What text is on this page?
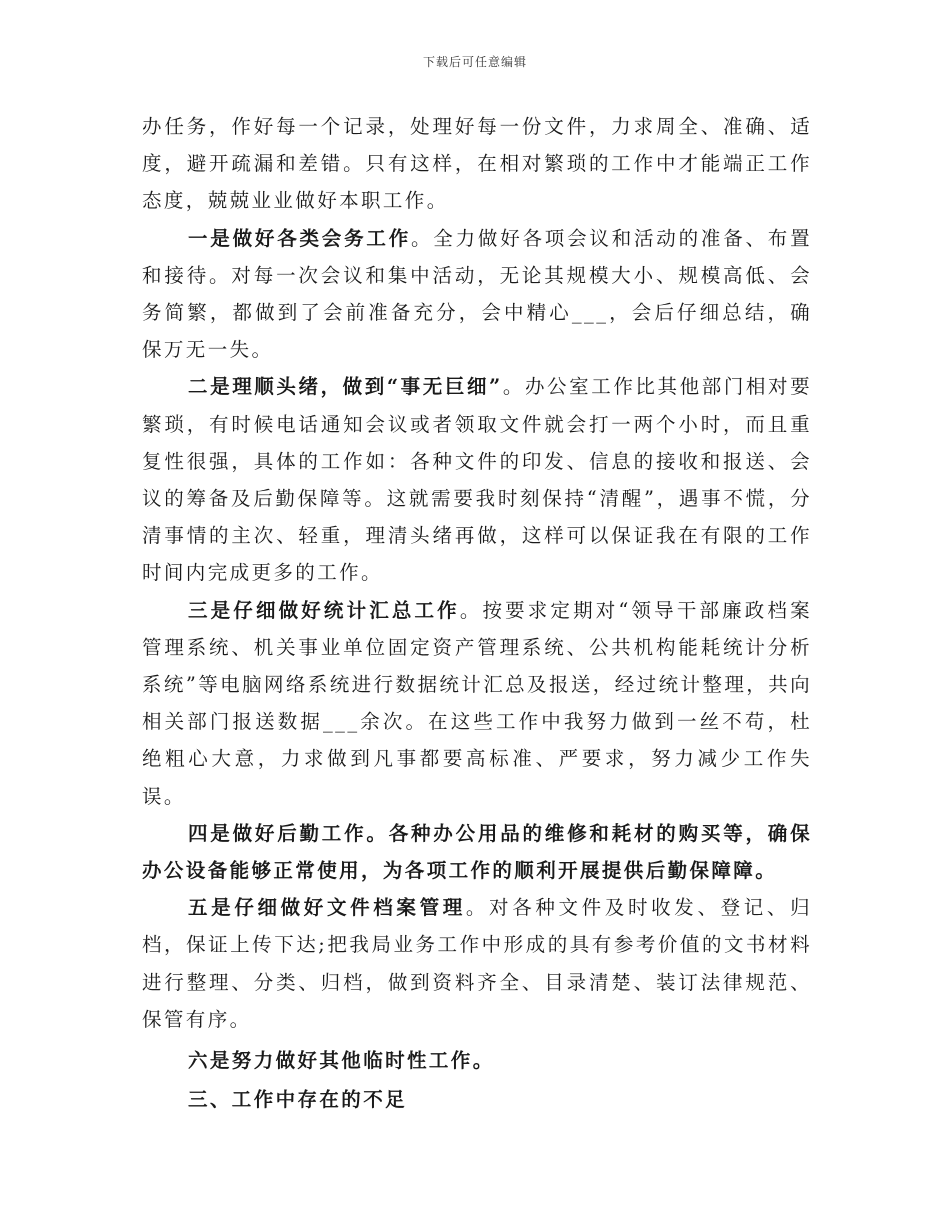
下载后可任意编辑

办任务，作好每一个记录，处理好每一份文件，力求周全、准确、适度，避开疏漏和差错。只有这样，在相对繁琐的工作中才能端正工作态度，兢兢业业做好本职工作。

一是做好各类会务工作。全力做好各项会议和活动的准备、布置和接待。对每一次会议和集中活动，无论其规模大小、规模高低、会务简繁，都做到了会前准备充分，会中精心___，会后仔细总结，确保万无一失。

二是理顺头绪，做到“事无巨细”。办公室工作比其他部门相对要繁琐，有时候电话通知会议或者领取文件就会打一两个小时，而且重复性很强，具体的工作如：各种文件的印发、信息的接收和报送、会议的筹备及后勤保障等。这就需要我时刻保持“清醒”，遇事不慌，分清事情的主次、轻重，理清头绪再做，这样可以保证我在有限的工作时间内完成更多的工作。

三是仔细做好统计汇总工作。按要求定期对“领导干部廉政档案管理系统、机关事业单位固定资产管理系统、公共机构能耗统计分析系统”等电脑网络系统进行数据统计汇总及报送，经过统计整理，共向相关部门报送数据___余次。在这些工作中我努力做到一丝不苟，杜绝粗心大意，力求做到凡事都要高标准、严要求，努力减少工作失误。

四是做好后勤工作。各种办公用品的维修和耗材的购买等，确保办公设备能够正常使用，为各项工作的顺利开展提供后勤保障障。

五是仔细做好文件档案管理。对各种文件及时收发、登记、归档，保证上传下达;把我局业务工作中形成的具有参考价值的文书材料进行整理、分类、归档，做到资料齐全、目录清楚、装订法律规范、保管有序。

六是努力做好其他临时性工作。

三、工作中存在的不足
